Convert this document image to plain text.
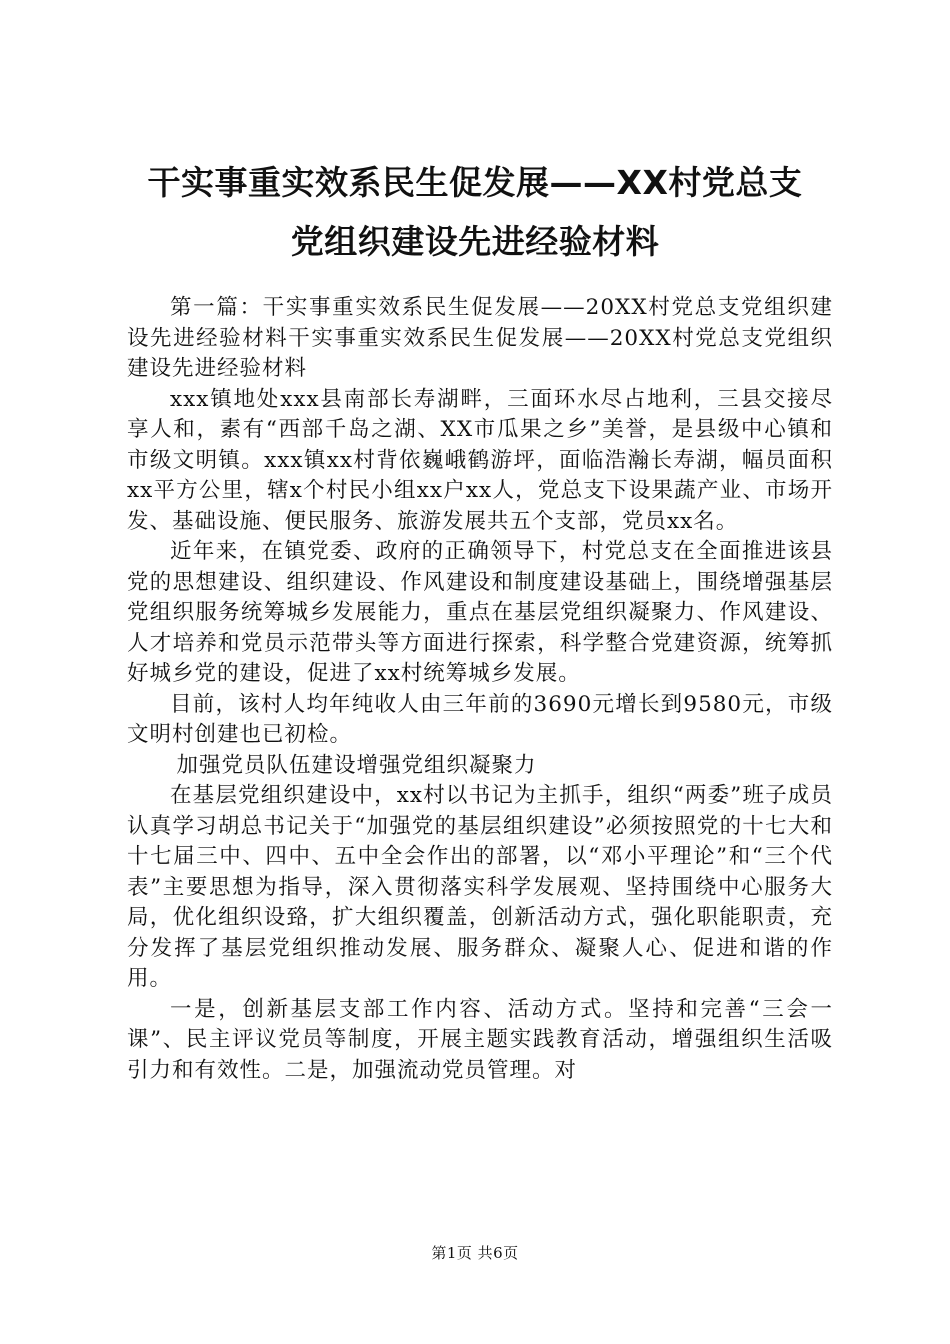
干实事重实效系民生促发展——XX村党总支
党组织建设先进经验材料

第一篇：干实事重实效系民生促发展——20XX村党总支党组织建设先进经验材料干实事重实效系民生促发展——20XX村党总支党组织建设先进经验材料

xxx镇地处xxx县南部长寿湖畔，三面环水尽占地利，三县交接尽享人和，素有“西部千岛之湖、XX市瓜果之乡”美誉，是县级中心镇和市级文明镇。xxx镇xx村背依巍峨鹤游坪，面临浩瀚长寿湖，幅员面积xx平方公里，辖x个村民小组xx户xx人，党总支下设果蔬产业、市场开发、基础设施、便民服务、旅游发展共五个支部，党员xx名。

近年来，在镇党委、政府的正确领导下，村党总支在全面推进该县党的思想建设、组织建设、作风建设和制度建设基础上，围绕增强基层党组织服务统筹城乡发展能力，重点在基层党组织凝聚力、作风建设、人才培养和党员示范带头等方面进行探索，科学整合党建资源，统筹抓好城乡党的建设，促进了xx村统筹城乡发展。

目前，该村人均年纯收人由三年前的3690元增长到9580元，市级文明村创建也已初检。

加强党员队伍建设增强党组织凝聚力

在基层党组织建设中，xx村以书记为主抓手，组织“两委”班子成员认真学习胡总书记关于“加强党的基层组织建设”必须按照党的十七大和十七届三中、四中、五中全会作出的部署，以“邓小平理论”和“三个代表”主要思想为指导，深入贯彻落实科学发展观、坚持围绕中心服务大局，优化组织设臵，扩大组织覆盖，创新活动方式，强化职能职责，充分发挥了基层党组织推动发展、服务群众、凝聚人心、促进和谐的作用。

一是，创新基层支部工作内容、活动方式。坚持和完善“三会一课”、民主评议党员等制度，开展主题实践教育活动，增强组织生活吸引力和有效性。二是，加强流动党员管理。对

第1页 共6页
